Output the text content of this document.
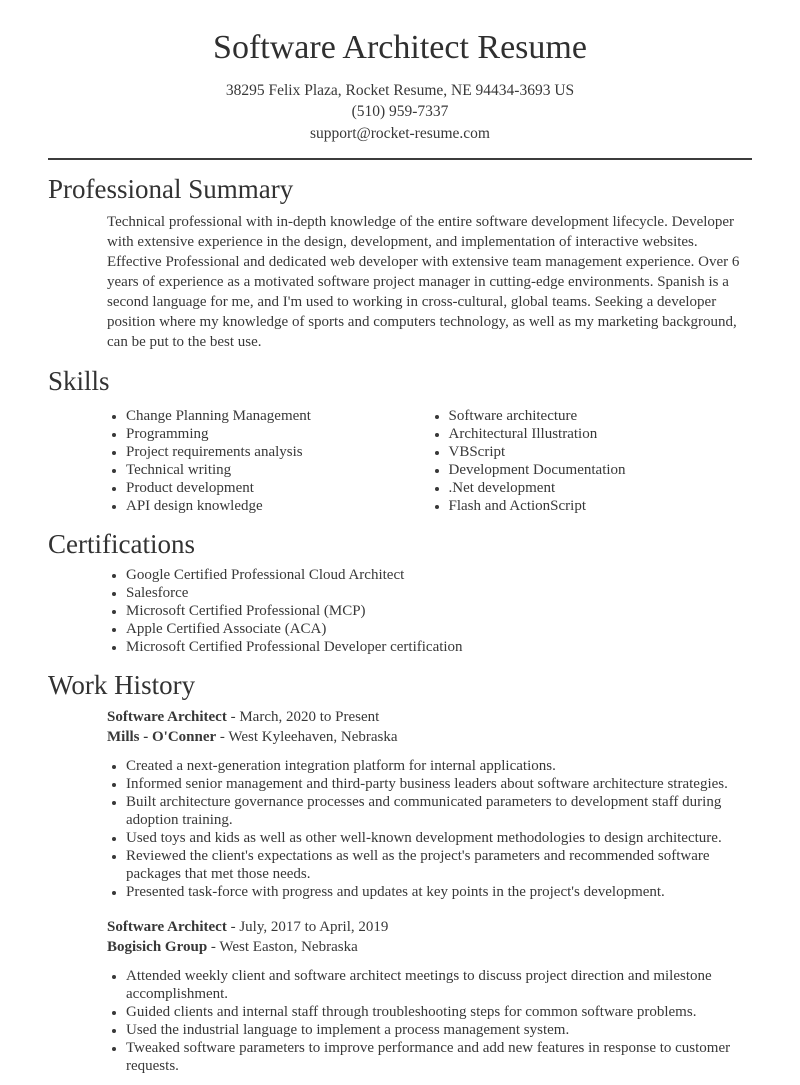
Software Architect Resume
38295 Felix Plaza, Rocket Resume, NE 94434-3693 US
(510) 959-7337
support@rocket-resume.com
Professional Summary

Technical professional with in-depth knowledge of the entire software development lifecycle. Developer with extensive experience in the design, development, and implementation of interactive websites. Effective Professional and dedicated web developer with extensive team management experience. Over 6 years of experience as a motivated software project manager in cutting-edge environments. Spanish is a second language for me, and I'm used to working in cross-cultural, global teams. Seeking a developer position where my knowledge of sports and computers technology, as well as my marketing background, can be put to the best use.

Skills
• Change Planning Management
• Programming
• Project requirements analysis
• Technical writing
• Product development
• API design knowledge
• Software architecture
• Architectural Illustration
• VBScript
• Development Documentation
• .Net development
• Flash and ActionScript
Certifications
• Google Certified Professional Cloud Architect
• Salesforce
• Microsoft Certified Professional (MCP)
• Apple Certified Associate (ACA)
• Microsoft Certified Professional Developer certification
Work History
Software Architect - March, 2020 to Present
Mills - O'Conner - West Kyleehaven, Nebraska
• Created a next-generation integration platform for internal applications.
• Informed senior management and third-party business leaders about software architecture strategies.
• Built architecture governance processes and communicated parameters to development staff during adoption training.
• Used toys and kids as well as other well-known development methodologies to design architecture.
• Reviewed the client's expectations as well as the project's parameters and recommended software packages that met those needs.
• Presented task-force with progress and updates at key points in the project's development.
Software Architect - July, 2017 to April, 2019
Bogisich Group - West Easton, Nebraska
• Attended weekly client and software architect meetings to discuss project direction and milestone accomplishment.
• Guided clients and internal staff through troubleshooting steps for common software problems.
• Used the industrial language to implement a process management system.
• Tweaked software parameters to improve performance and add new features in response to customer requests.
